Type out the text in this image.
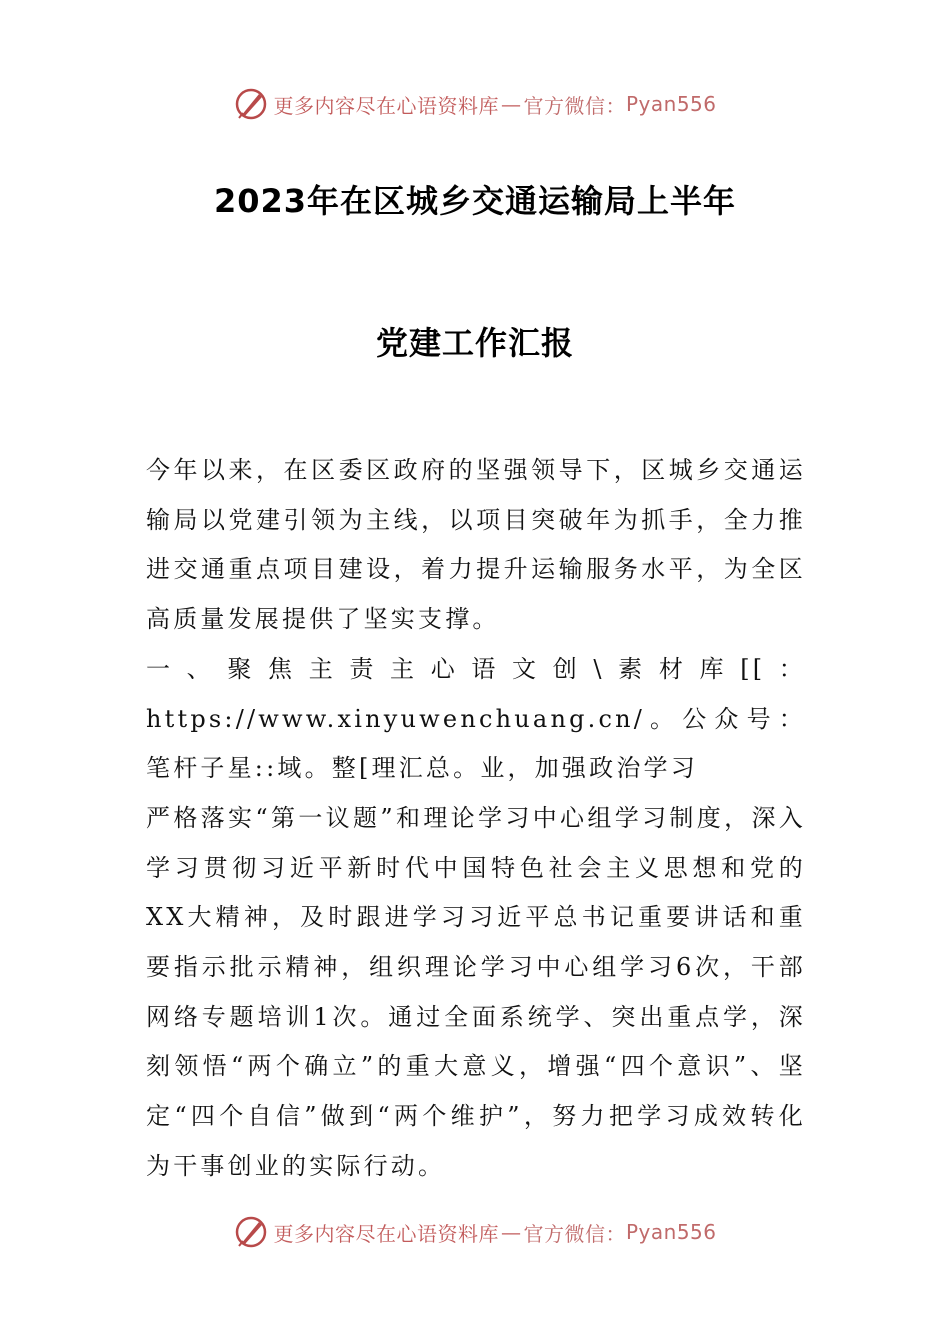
更多内容尽在心语资料库 — 官方微信： Pyan556
2023年在区城乡交通运输局上半年
党建工作汇报

今年以来，在区委区政府的坚强领导下，区城乡交通运输局以党建引领为主线，以项目突破年为抓手，全力推进交通重点项目建设，着力提升运输服务水平，为全区高质量发展提供了坚实支撑。

一、聚焦主责主心语文创\素材库[[：https://www.xinyuwenchuang.cn/。公众号：笔杆子星::域。整[理汇总。业，加强政治学习

严格落实“第一议题”和理论学习中心组学习制度，深入学习贯彻习近平新时代中国特色社会主义思想和党的XX大精神，及时跟进学习习近平总书记重要讲话和重要指示批示精神，组织理论学习中心组学习6次，干部网络专题培训1次。通过全面系统学、突出重点学，深刻领悟“两个确立”的重大意义，增强“四个意识”、坚定“四个自信”做到“两个维护”，努力把学习成效转化为干事创业的实际行动。

更多内容尽在心语资料库 — 官方微信： Pyan556
